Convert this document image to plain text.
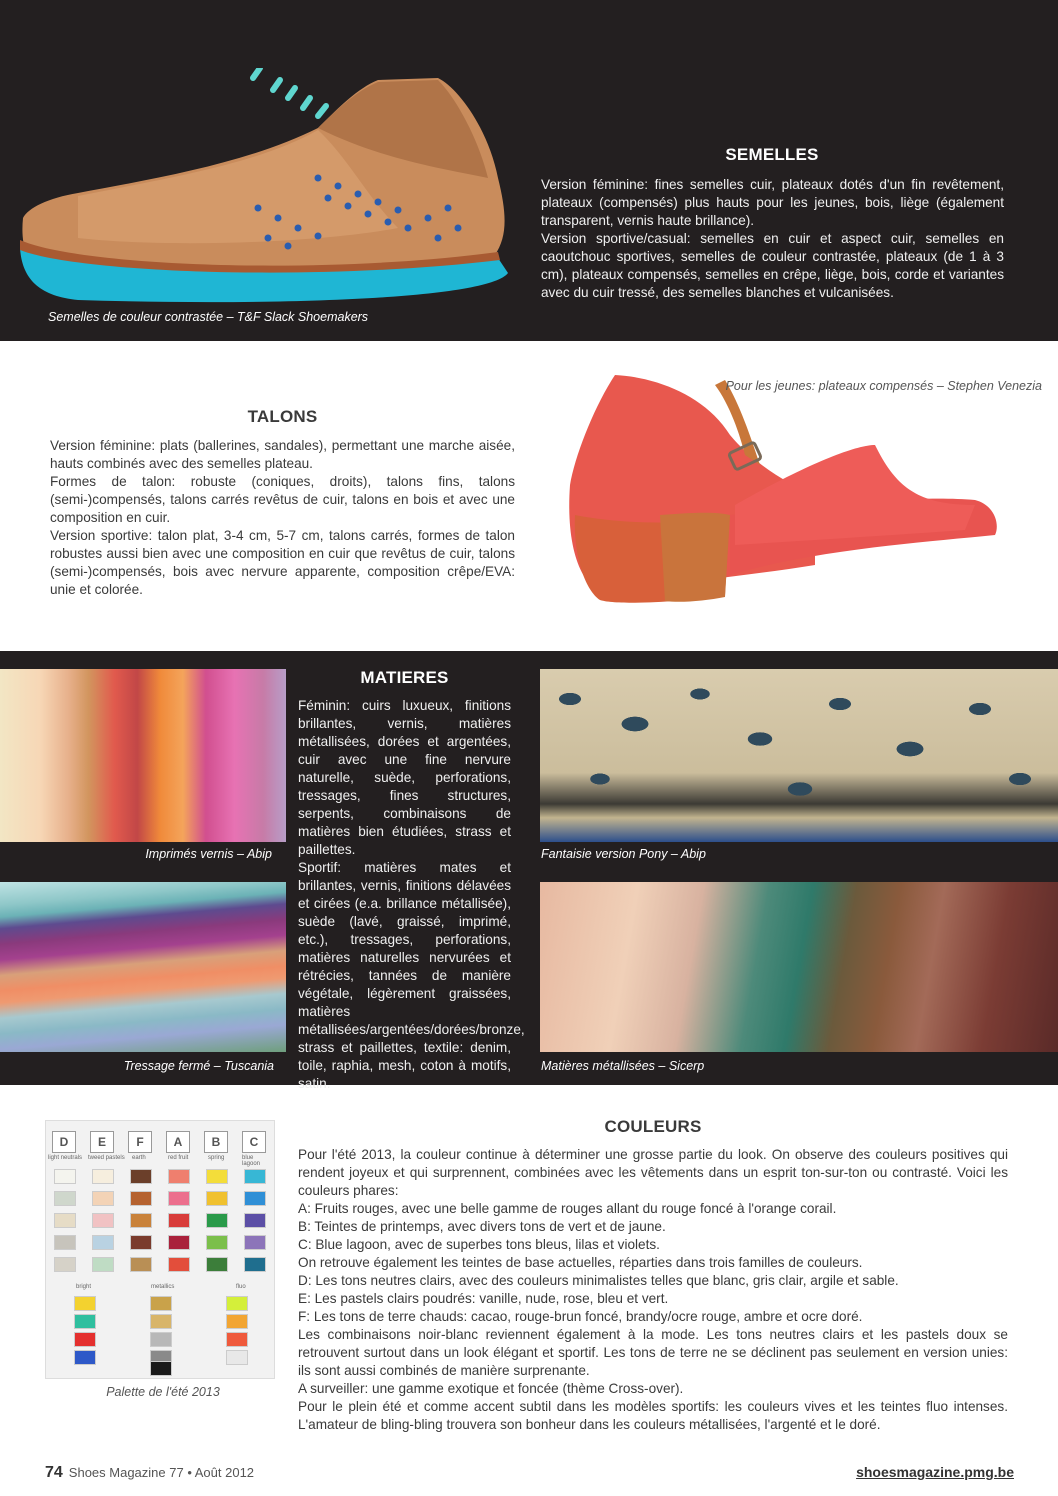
Semelles de couleur contrastée – T&F Slack Shoemakers
SEMELLES

Version féminine: fines semelles cuir, plateaux dotés d'un fin revêtement, plateaux (compensés) plus hauts pour les jeunes, bois, liège (également transparent, vernis haute brillance).

Version sportive/casual: semelles en cuir et aspect cuir, semelles en caoutchouc sportives, semelles de couleur contrastée, plateaux (de 1 à 3 cm), plateaux compensés, semelles en crêpe, liège, bois, corde et variantes avec du cuir tressé, des semelles blanches et vulcanisées.

TALONS

Version féminine: plats (ballerines, sandales), permettant une marche aisée, hauts combinés avec des semelles plateau.

Formes de talon: robuste (coniques, droits), talons fins, talons (semi-)compensés, talons carrés revêtus de cuir, talons en bois et avec une composition en cuir.

Version sportive: talon plat, 3-4 cm, 5-7 cm, talons carrés, formes de talon robustes aussi bien avec une composition en cuir que revêtus de cuir, talons (semi-)compensés, bois avec nervure apparente, composition crêpe/EVA: unie et colorée.

Pour les jeunes: plateaux compensés – Stephen Venezia
Imprimés vernis – Abip
Tressage fermé – Tuscania
MATIERES

Féminin: cuirs luxueux, finitions brillantes, vernis, matières métallisées, dorées et argentées, cuir avec une fine nervure naturelle, suède, perforations, tressages, fines structures, serpents, combinaisons de matières bien étudiées, strass et paillettes.

Sportif: matières mates et brillantes, vernis, finitions délavées et cirées (e.a. brillance métallisée), suède (lavé, graissé, imprimé, etc.), tressages, perforations, matières naturelles nervurées et rétrécies, tannées de manière végétale, légèrement graissées, matières métallisées/argentées/dorées/bronze, strass et paillettes, textile: denim, toile, raphia, mesh, coton à motifs, satin.

Fantaisie version Pony – Abip
Matières métallisées – Sicerp
D	E	F	A	B	C
light neutrals tweed pastels earth	red fruit	spring	blue lagoon
bright	metallics	fluo
Palette de l'été 2013
COULEURS

Pour l'été 2013, la couleur continue à déterminer une grosse partie du look. On observe des couleurs positives qui rendent joyeux et qui surprennent, combinées avec les vêtements dans un esprit ton-sur-ton ou contrasté. Voici les couleurs phares:

A: Fruits rouges, avec une belle gamme de rouges allant du rouge foncé à l'orange corail.

B: Teintes de printemps, avec divers tons de vert et de jaune.

C: Blue lagoon, avec de superbes tons bleus, lilas et violets.

On retrouve également les teintes de base actuelles, réparties dans trois familles de couleurs.

D: Les tons neutres clairs, avec des couleurs minimalistes telles que blanc, gris clair, argile et sable.

E: Les pastels clairs poudrés: vanille, nude, rose, bleu et vert.

F: Les tons de terre chauds: cacao, rouge-brun foncé, brandy/ocre rouge, ambre et ocre doré.

Les combinaisons noir-blanc reviennent également à la mode. Les tons neutres clairs et les pastels doux se retrouvent surtout dans un look élégant et sportif. Les tons de terre ne se déclinent pas seulement en version unies: ils sont aussi combinés de manière surprenante.

A surveiller: une gamme exotique et foncée (thème Cross-over).

Pour le plein été et comme accent subtil dans les modèles sportifs: les couleurs vives et les teintes fluo intenses. L'amateur de bling-bling trouvera son bonheur dans les couleurs métallisées, l'argenté et le doré.

74 Shoes Magazine 77 • Août 2012	shoesmagazine.pmg.be
